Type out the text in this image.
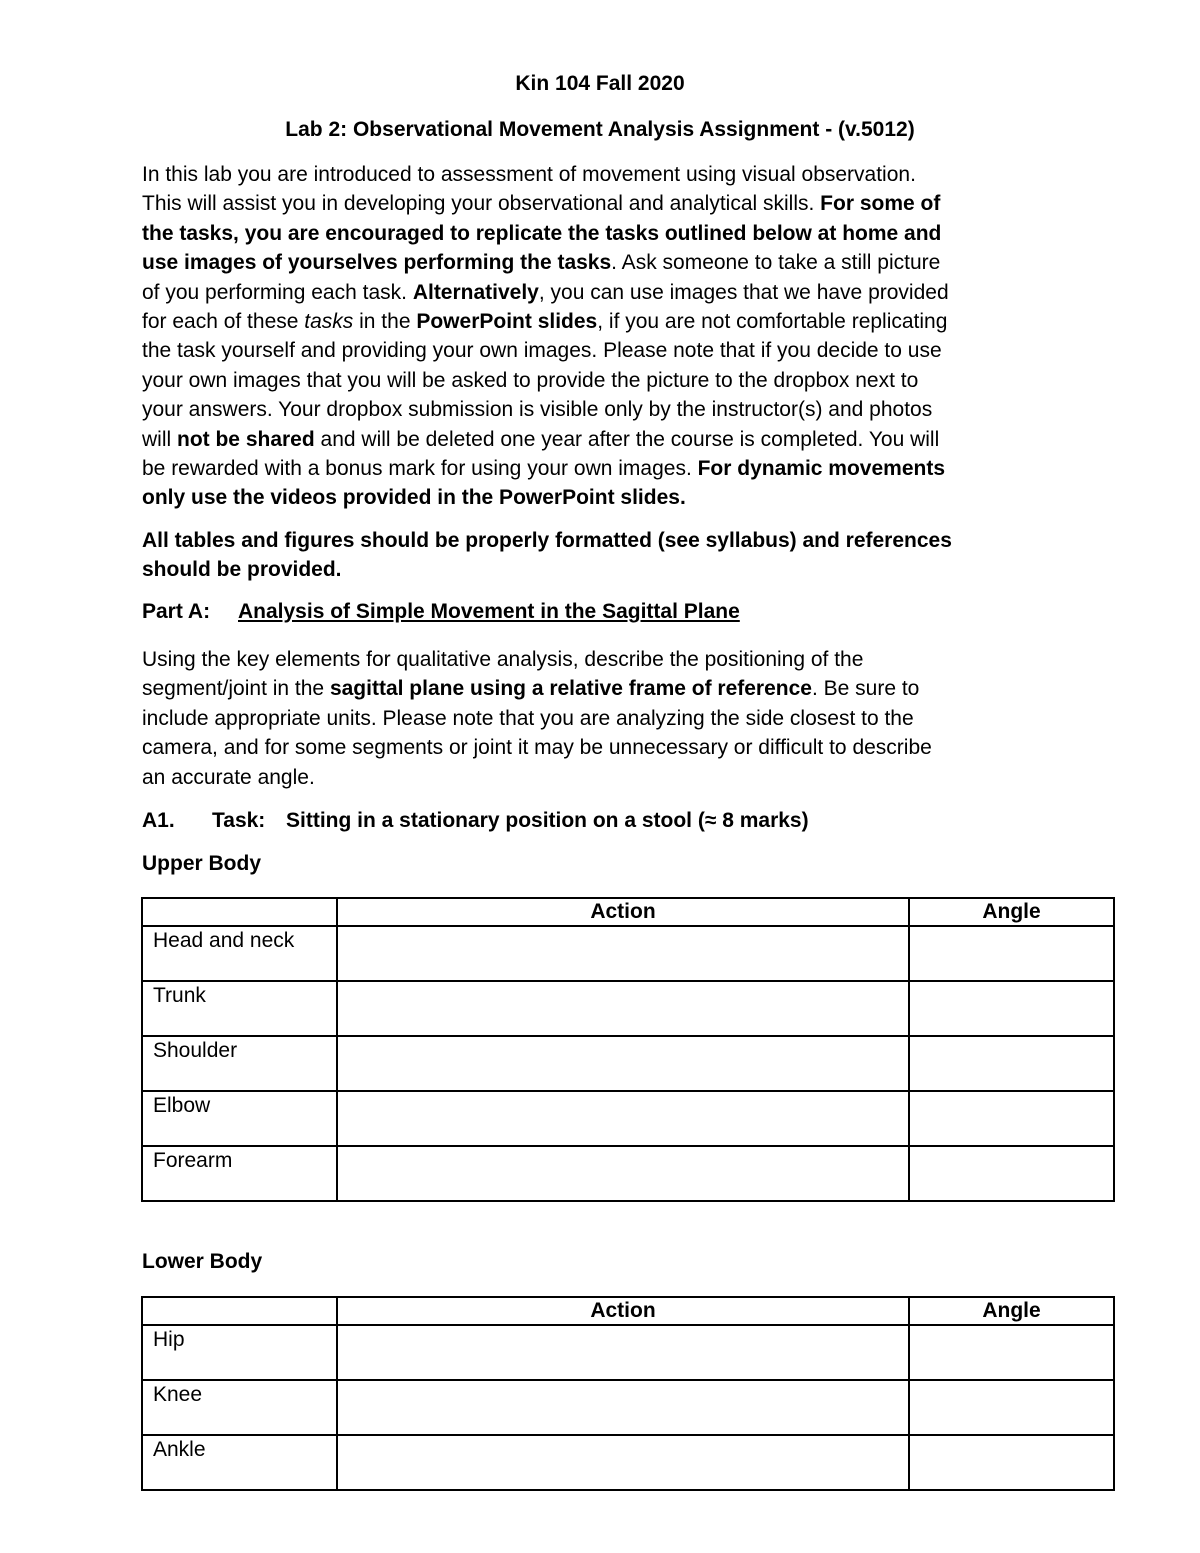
Kin 104 Fall 2020
Lab 2: Observational Movement Analysis Assignment - (v.5012)
In this lab you are introduced to assessment of movement using visual observation.
This will assist you in developing your observational and analytical skills. For some of
the tasks, you are encouraged to replicate the tasks outlined below at home and
use images of yourselves performing the tasks. Ask someone to take a still picture
of you performing each task. Alternatively, you can use images that we have provided
for each of these tasks in the PowerPoint slides, if you are not comfortable replicating
the task yourself and providing your own images. Please note that if you decide to use
your own images that you will be asked to provide the picture to the dropbox next to
your answers. Your dropbox submission is visible only by the instructor(s) and photos
will not be shared and will be deleted one year after the course is completed. You will
be rewarded with a bonus mark for using your own images. For dynamic movements
only use the videos provided in the PowerPoint slides.
All tables and figures should be properly formatted (see syllabus) and references
should be provided.
Part A: Analysis of Simple Movement in the Sagittal Plane
Using the key elements for qualitative analysis, describe the positioning of the
segment/joint in the sagittal plane using a relative frame of reference. Be sure to
include appropriate units. Please note that you are analyzing the side closest to the
camera, and for some segments or joint it may be unnecessary or difficult to describe
an accurate angle.
A1. Task: Sitting in a stationary position on a stool (≈ 8 marks)
Upper Body
	Action	Angle
Head and neck		
Trunk		
Shoulder		
Elbow		
Forearm		
Lower Body
	Action	Angle
Hip		
Knee		
Ankle		
